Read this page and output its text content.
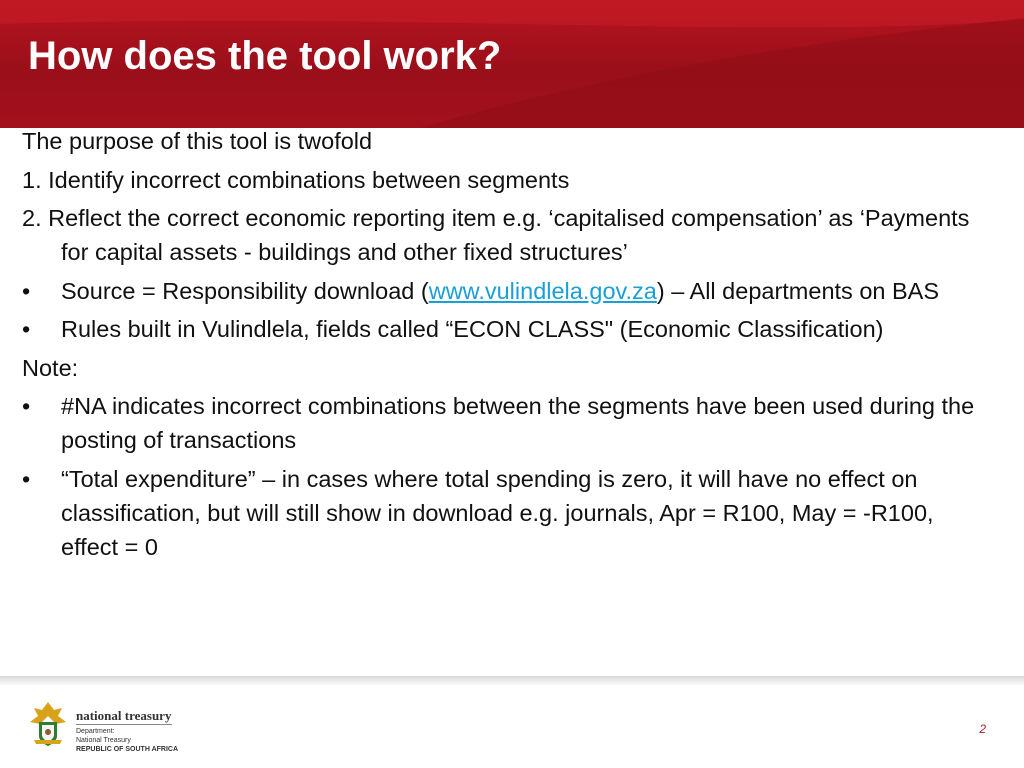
How does the tool work?

The purpose of this tool is twofold

1. Identify incorrect combinations between segments

2. Reflect the correct economic reporting item e.g. ‘capitalised compensation’ as ‘Payments for capital assets - buildings and other fixed structures’

•	Source = Responsibility download (www.vulindlela.gov.za) – All departments on BAS
•	Rules built in Vulindlela, fields called “ECON CLASS" (Economic Classification)

Note:

•	#NA indicates incorrect combinations between the segments have been used during the posting of transactions
•	“Total expenditure” – in cases where total spending is zero, it will have no effect on classification, but will still show in download e.g. journals, Apr = R100, May = -R100, effect = 0
national treasury
Department:
National Treasury
REPUBLIC OF SOUTH AFRICA
2
